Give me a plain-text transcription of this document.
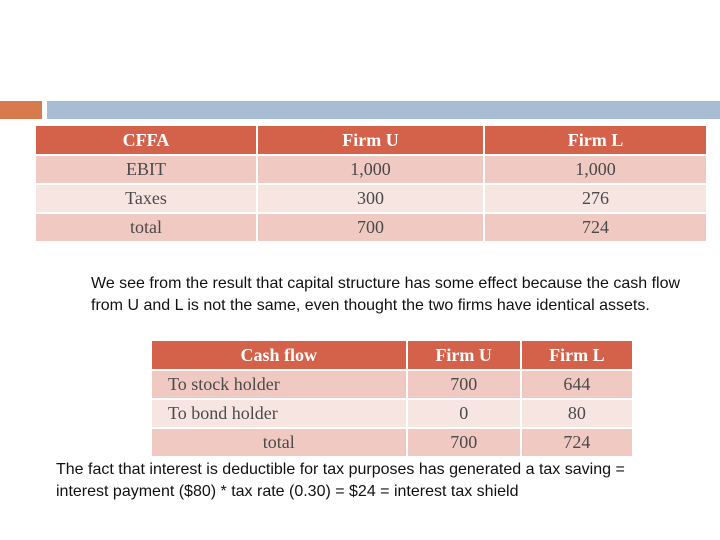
CFFA	Firm U	Firm L
EBIT	1,000	1,000
Taxes	300	276
total	700	724
We see from the result that capital structure has some effect because the cash flow from U and L is not the same, even thought the two firms have identical assets.
Cash flow	Firm U	Firm L
To stock holder	700	644
To bond holder	0	80
total	700	724
The fact that interest is deductible for tax purposes has generated a tax saving = interest payment ($80) * tax rate (0.30) = $24 = interest tax shield
